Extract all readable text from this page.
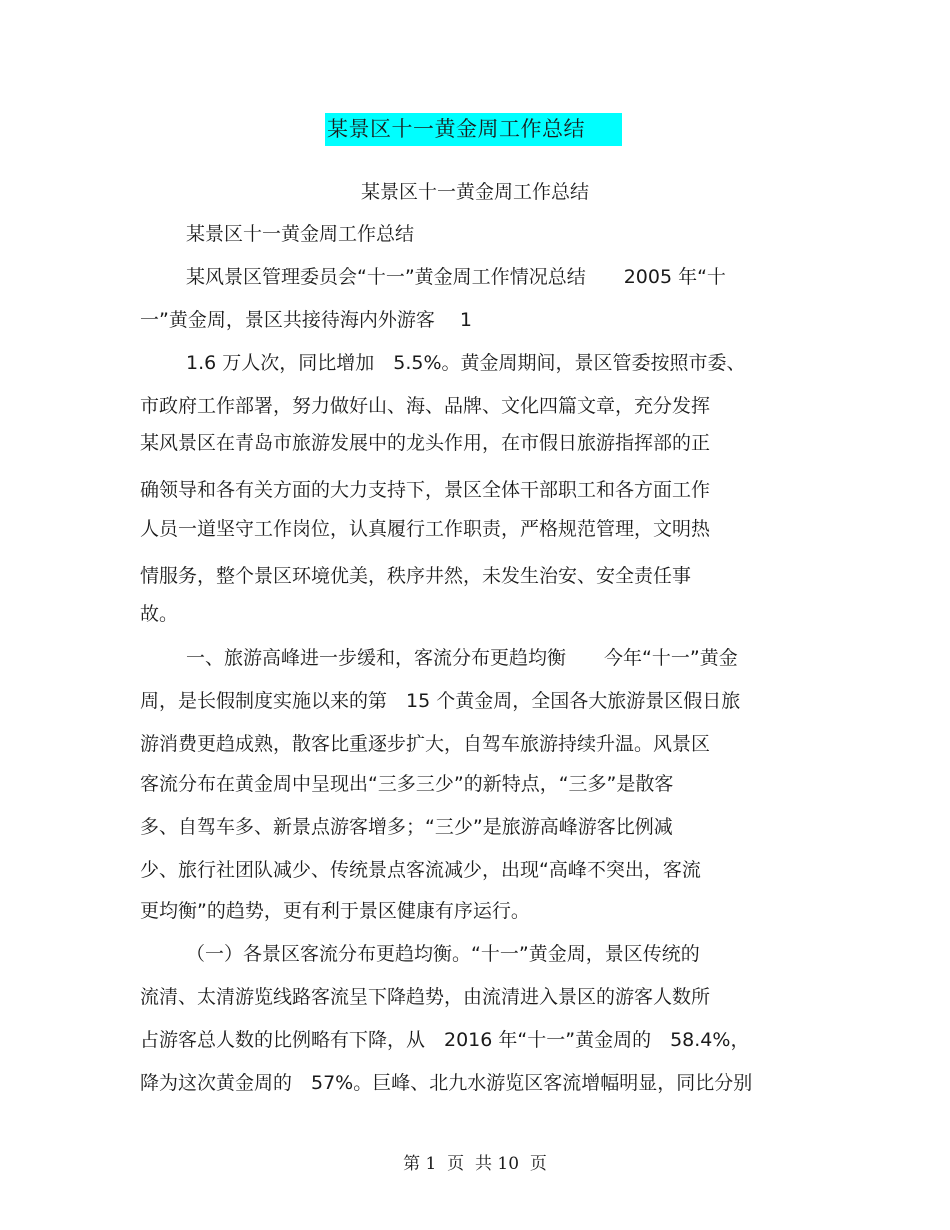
某景区十一黄金周工作总结
某景区十一黄金周工作总结
某景区十一黄金周工作总结
某风景区管理委员会“十一”黄金周工作情况总结　　2005 年“十
一”黄金周，景区共接待海内外游客　 1
1.6 万人次，同比增加　5.5%。黄金周期间，景区管委按照市委、
市政府工作部署，努力做好山、海、品牌、文化四篇文章，充分发挥
某风景区在青岛市旅游发展中的龙头作用，在市假日旅游指挥部的正
确领导和各有关方面的大力支持下，景区全体干部职工和各方面工作
人员一道坚守工作岗位，认真履行工作职责，严格规范管理，文明热
情服务，整个景区环境优美，秩序井然，未发生治安、安全责任事
故。
一、旅游高峰进一步缓和，客流分布更趋均衡　　今年“十一”黄金
周，是长假制度实施以来的第　15 个黄金周，全国各大旅游景区假日旅
游消费更趋成熟，散客比重逐步扩大，自驾车旅游持续升温。风景区
客流分布在黄金周中呈现出“三多三少”的新特点，“三多”是散客
多、自驾车多、新景点游客增多；“三少”是旅游高峰游客比例减
少、旅行社团队减少、传统景点客流减少，出现“高峰不突出，客流
更均衡”的趋势，更有利于景区健康有序运行。
（一）各景区客流分布更趋均衡。“十一”黄金周，景区传统的
流清、太清游览线路客流呈下降趋势，由流清进入景区的游客人数所
占游客总人数的比例略有下降，从　2016 年“十一”黄金周的　58.4%，
降为这次黄金周的　57%。巨峰、北九水游览区客流增幅明显，同比分别
第 1  页  共 10  页
